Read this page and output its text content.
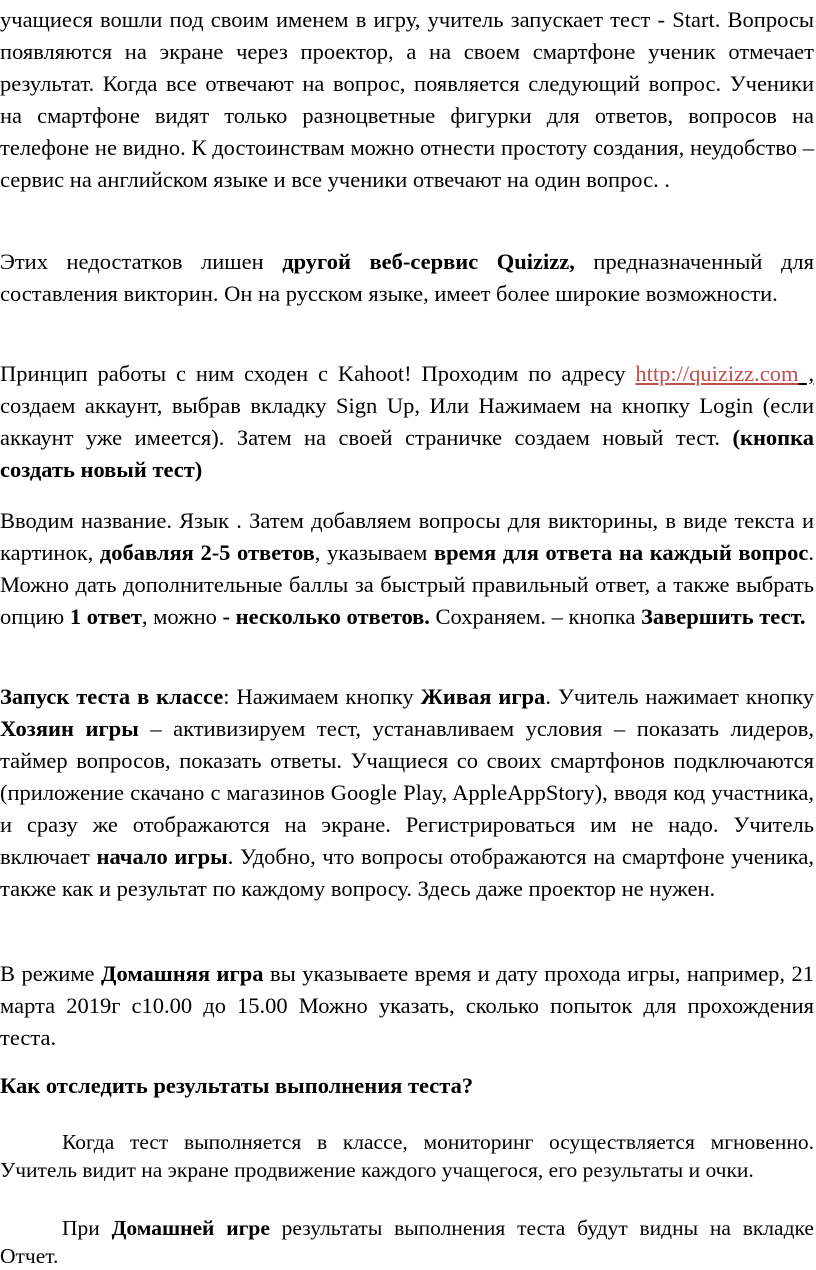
учащиеся вошли под своим именем в игру, учитель запускает тест - Start. Вопросы появляются на экране через проектор, а на своем смартфоне ученик отмечает результат. Когда все отвечают на вопрос, появляется следующий вопрос. Ученики на смартфоне видят только разноцветные фигурки для ответов, вопросов на телефоне не видно. К достоинствам можно отнести простоту создания, неудобство – сервис на английском языке и все ученики отвечают на один вопрос. .

Этих недостатков лишен другой веб-сервис Quizizz, предназначенный для составления викторин. Он на русском языке, имеет более широкие возможности.

Принцип работы с ним сходен с Kahoot! Проходим по адресу http://quizizz.com , создаем аккаунт, выбрав вкладку Sign Up, Или Нажимаем на кнопку Login (если аккаунт уже имеется). Затем на своей страничке создаем новый тест. (кнопка создать новый тест)

Вводим название. Язык . Затем добавляем вопросы для викторины, в виде текста и картинок, добавляя 2-5 ответов, указываем время для ответа на каждый вопрос. Можно дать дополнительные баллы за быстрый правильный ответ, а также выбрать опцию 1 ответ, можно - несколько ответов. Сохраняем. – кнопка Завершить тест.

Запуск теста в классе: Нажимаем кнопку Живая игра. Учитель нажимает кнопку Хозяин игры – активизируем тест, устанавливаем условия – показать лидеров, таймер вопросов, показать ответы. Учащиеся со своих смартфонов подключаются (приложение скачано с магазинов Google Play, AppleAppStory), вводя код участника, и сразу же отображаются на экране. Регистрироваться им не надо. Учитель включает начало игры. Удобно, что вопросы отображаются на смартфоне ученика, также как и результат по каждому вопросу. Здесь даже проектор не нужен.

В режиме Домашняя игра вы указываете время и дату прохода игры, например, 21 марта 2019г с10.00 до 15.00 Можно указать, сколько попыток для прохождения теста.

Как отследить результаты выполнения теста?

Когда тест выполняется в классе, мониторинг осуществляется мгновенно. Учитель видит на экране продвижение каждого учащегося, его результаты и очки.

При Домашней игре результаты выполнения теста будут видны на вкладке Отчет.
